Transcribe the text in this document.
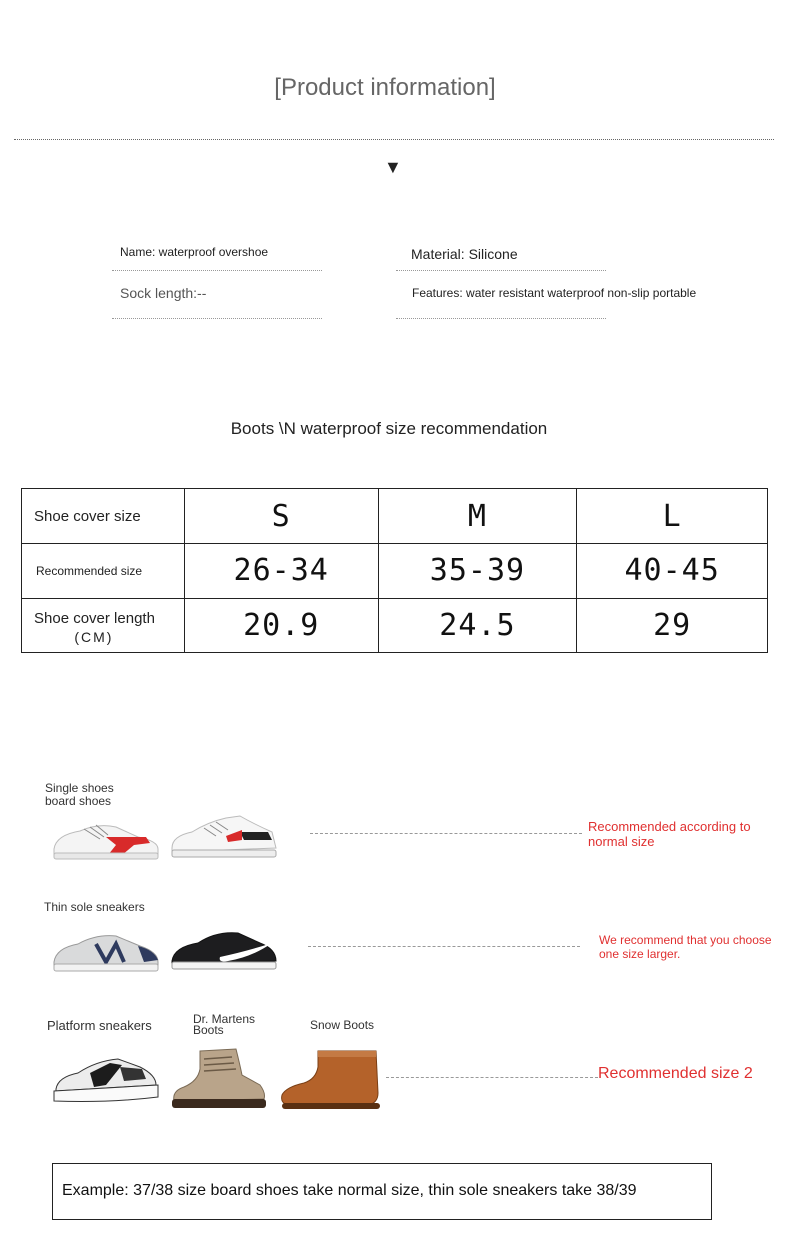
[Product information]
▼
Name: waterproof overshoe
Sock length:--
Material: Silicone
Features: water resistant waterproof non-slip portable
Boots \N waterproof size recommendation
Shoe cover size	S	M	L
Recommended size	26-34	35-39	40-45
Shoe cover length
(CM)	20.9	24.5	29
Single shoes
board shoes
Recommended according to
normal size
Thin sole sneakers
We recommend that you choose
one size larger.
Platform sneakers	Dr. Martens
Boots	Snow Boots
Recommended size 2
Example: 37/38 size board shoes take normal size, thin sole sneakers take 38/39
